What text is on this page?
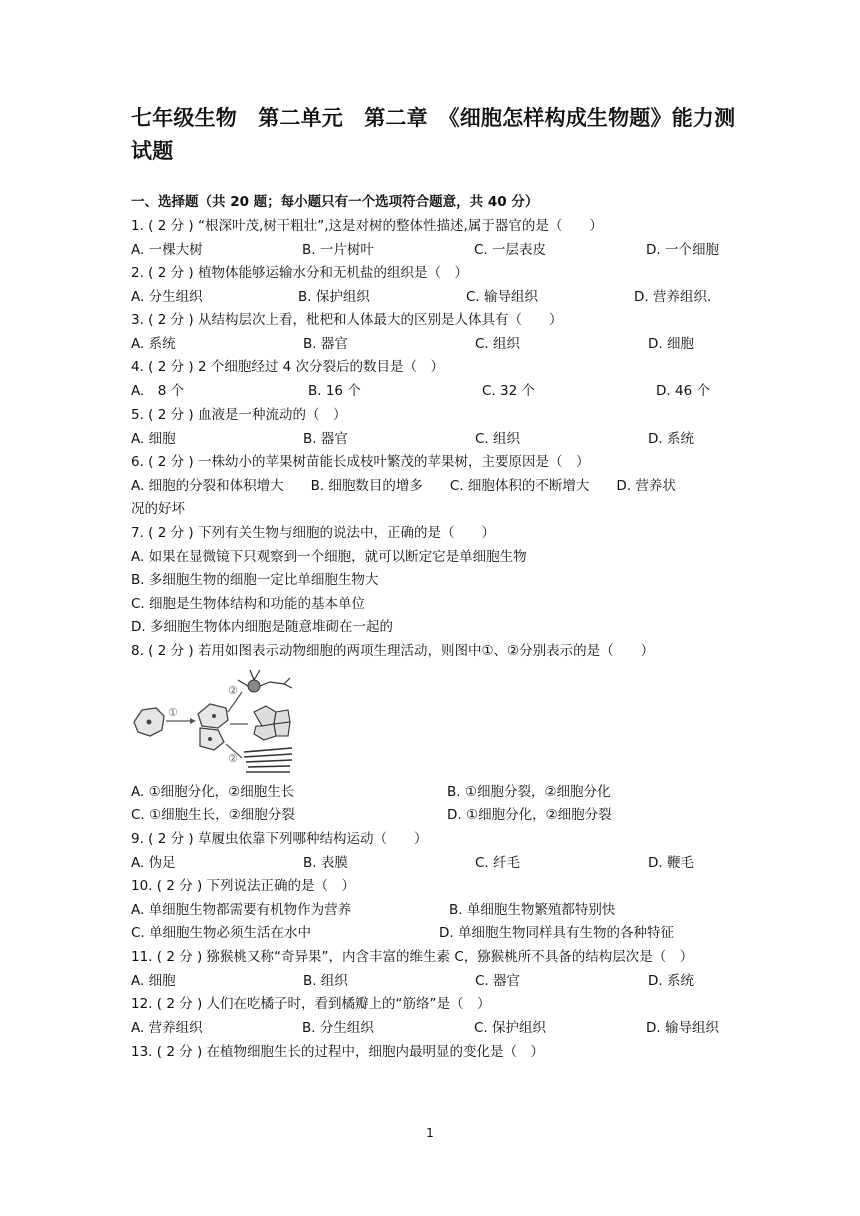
七年级生物　第二单元　第二章　《细胞怎样构成生物题》能力测试题
一、选择题（共 20 题；每小题只有一个选项符合题意，共 40 分）
1. ( 2 分 ) “根深叶茂,树干粗壮”,这是对树的整体性描述,属于器官的是（　　）
A. 一棵大树	B. 一片树叶	C. 一层表皮	D. 一个细胞
2. ( 2 分 ) 植物体能够运输水分和无机盐的组织是（　）
A. 分生组织	B. 保护组织	C. 输导组织	D. 营养组织.
3. ( 2 分 ) 从结构层次上看，枇杷和人体最大的区别是人体具有（　　）
A. 系统	B. 器官	C. 组织	D. 细胞
4. ( 2 分 ) 2 个细胞经过 4 次分裂后的数目是（　）
A.　8 个	B. 16 个	C. 32 个	D. 46 个
5. ( 2 分 ) 血液是一种流动的（　）
A. 细胞	B. 器官	C. 组织	D. 系统
6. ( 2 分 ) 一株幼小的苹果树苗能长成枝叶繁茂的苹果树，主要原因是（　）
A. 细胞的分裂和体积增大　　B. 细胞数目的增多　　C. 细胞体积的不断增大　　D. 营养状
况的好坏
7. ( 2 分 ) 下列有关生物与细胞的说法中，正确的是（　　）
A. 如果在显微镜下只观察到一个细胞，就可以断定它是单细胞生物
B. 多细胞生物的细胞一定比单细胞生物大
C. 细胞是生物体结构和功能的基本单位
D. 多细胞生物体内细胞是随意堆砌在一起的
8. ( 2 分 ) 若用如图表示动物细胞的两项生理活动，则图中①、②分别表示的是（　　）
①
②
②
A. ①细胞分化，②细胞生长	B. ①细胞分裂，②细胞分化
C. ①细胞生长，②细胞分裂	D. ①细胞分化，②细胞分裂
9. ( 2 分 ) 草履虫依靠下列哪种结构运动（　　）
A. 伪足	B. 表膜	C. 纤毛	D. 鞭毛
10. ( 2 分 ) 下列说法正确的是（　）
A. 单细胞生物都需要有机物作为营养	B. 单细胞生物繁殖都特别快
C. 单细胞生物必须生活在水中	D. 单细胞生物同样具有生物的各种特征
11. ( 2 分 ) 猕猴桃又称“奇异果”，内含丰富的维生素 C，猕猴桃所不具备的结构层次是（　）
A. 细胞	B. 组织	C. 器官	D. 系统
12. ( 2 分 ) 人们在吃橘子时，看到橘瓣上的“筋络”是（　）
A. 营养组织	B. 分生组织	C. 保护组织	D. 输导组织
13. ( 2 分 ) 在植物细胞生长的过程中，细胞内最明显的变化是（　）
1
